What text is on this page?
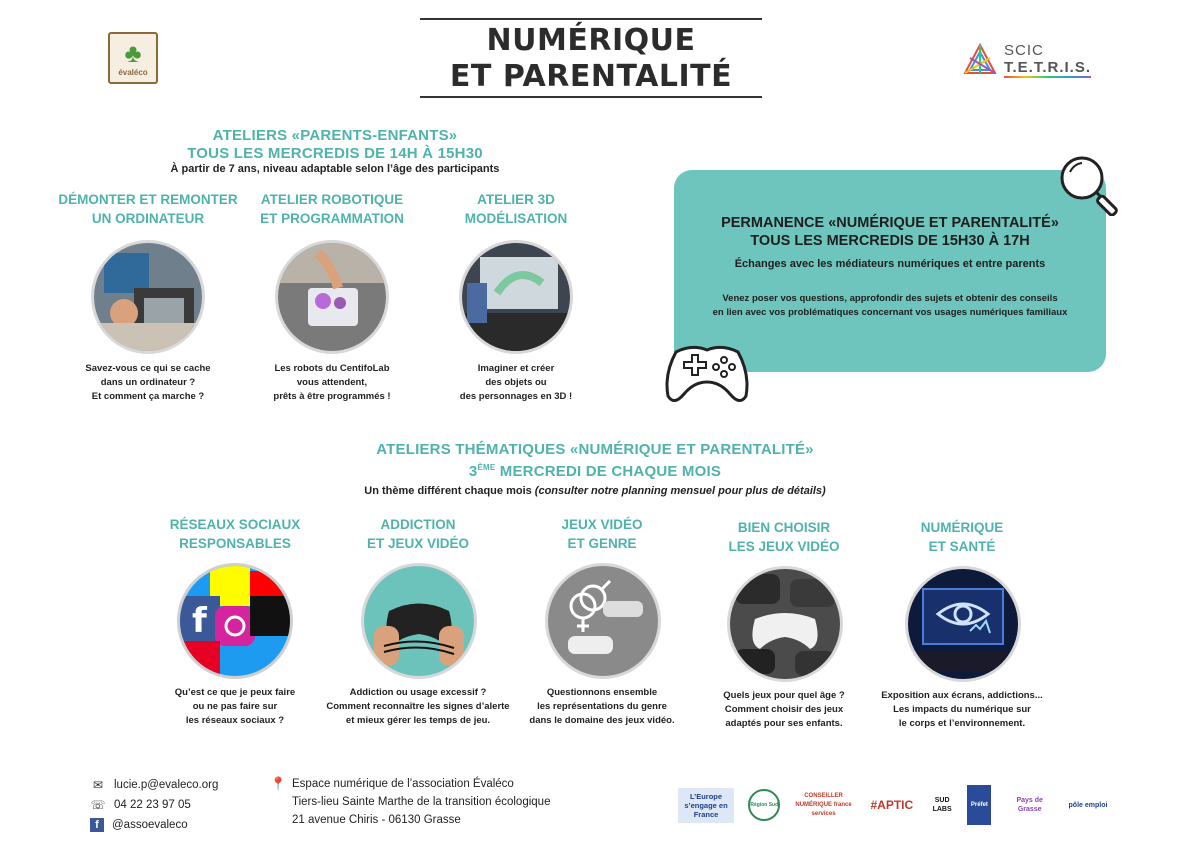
♣
évaléco
NUMÉRIQUE
ET PARENTALITÉ
SCIC
T.E.T.R.I.S.
ATELIERS «PARENTS-ENFANTS»
TOUS LES MERCREDIS DE 14H À 15H30
À partir de 7 ans, niveau adaptable selon l’âge des participants
DÉMONTER ET REMONTER
UN ORDINATEUR
Savez-vous ce qui se cache
dans un ordinateur ?
Et comment ça marche ?
ATELIER ROBOTIQUE
ET PROGRAMMATION
Les robots du CentifoLab
vous attendent,
prêts à être programmés !
ATELIER 3D
MODÉLISATION
Imaginer et créer
des objets ou
des personnages en 3D !
PERMANENCE «NUMÉRIQUE ET PARENTALITÉ»
TOUS LES MERCREDIS DE 15H30 À 17H
Échanges avec les médiateurs numériques et entre parents
Venez poser vos questions, approfondir des sujets et obtenir des conseils
en lien avec vos problématiques concernant vos usages numériques familiaux
ATELIERS THÉMATIQUES «NUMÉRIQUE ET PARENTALITÉ»
3ÈME MERCREDI DE CHAQUE MOIS
Un thème différent chaque mois (consulter notre planning mensuel pour plus de détails)
RÉSEAUX SOCIAUX
RESPONSABLES
f
Qu’est ce que je peux faire
ou ne pas faire sur
les réseaux sociaux ?
ADDICTION
ET JEUX VIDÉO
Addiction ou usage excessif ?
Comment reconnaître les signes d’alerte
et mieux gérer les temps de jeu.
JEUX VIDÉO
ET GENRE
Questionnons ensemble
les représentations du genre
dans le domaine des jeux vidéo.
BIEN CHOISIR
LES JEUX VIDÉO
Quels jeux pour quel âge ?
Comment choisir des jeux
adaptés pour ses enfants.
NUMÉRIQUE
ET SANTÉ
Exposition aux écrans, addictions...
Les impacts du numérique sur
le corps et l’environnement.
✉ lucie.p@evaleco.org
☏ 04 22 23 97 05
f	@assoevaleco
📍 Espace numérique de l’association Évaléco
Tiers-lieu Sainte Marthe de la transition écologique
21 avenue Chiris - 06130 Grasse
L’Europe s’engage en France
Région Sud
CONSEILLER NUMÉRIQUE france services
#APTIC	SUD LABS
Préfet
Pays de Grasse
pôle emploi
